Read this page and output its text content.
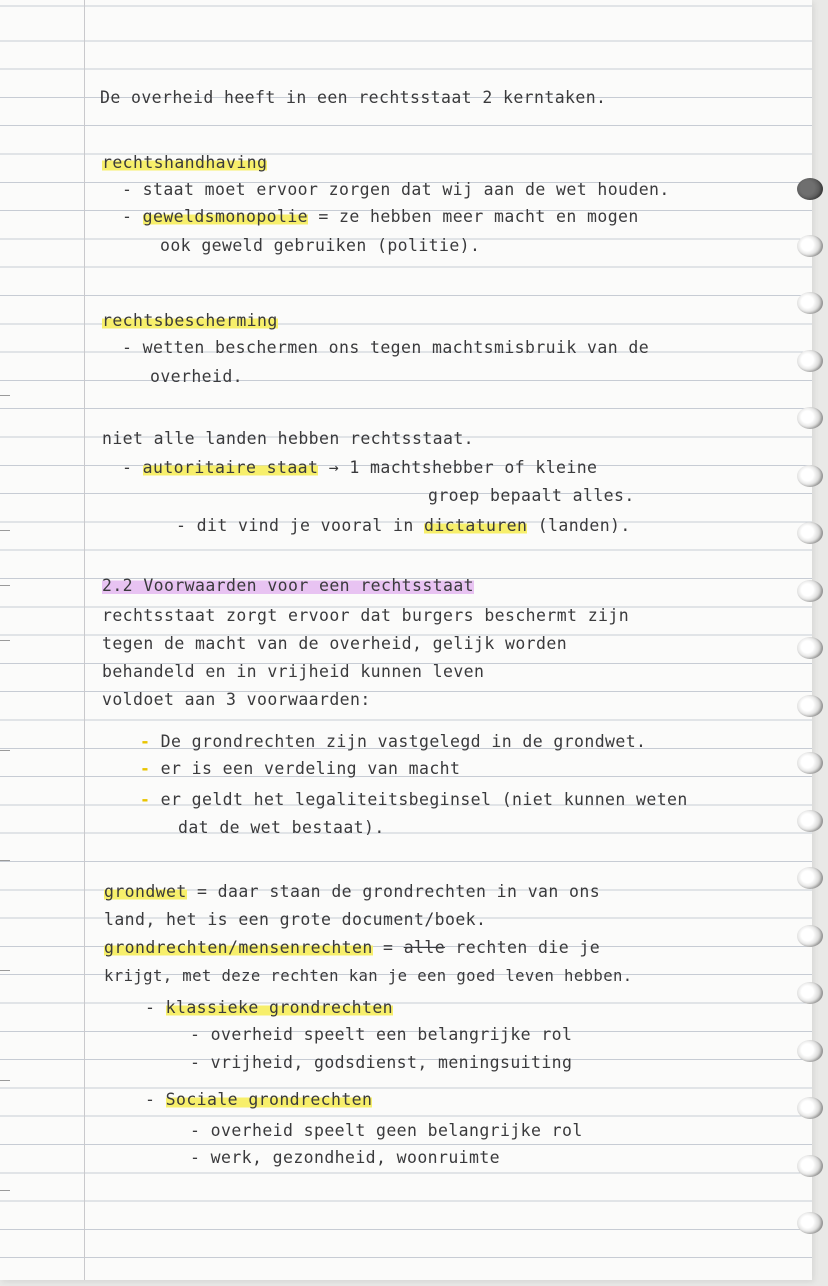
De overheid heeft in een rechtsstaat 2 kerntaken.
rechtshandhaving
- staat moet ervoor zorgen dat wij aan de wet houden.
- geweldsmonopolie = ze hebben meer macht en mogen
ook geweld gebruiken (politie).
rechtsbescherming
- wetten beschermen ons tegen machtsmisbruik van de
overheid.
niet alle landen hebben rechtsstaat.
- autoritaire staat → 1 machtshebber of kleine
groep bepaalt alles.
- dit vind je vooral in dictaturen (landen).
2.2 Voorwaarden voor een rechtsstaat
rechtsstaat zorgt ervoor dat burgers beschermt zijn
tegen de macht van de overheid, gelijk worden
behandeld en in vrijheid kunnen leven
voldoet aan 3 voorwaarden:
- De grondrechten zijn vastgelegd in de grondwet.
- er is een verdeling van macht
- er geldt het legaliteitsbeginsel (niet kunnen weten
dat de wet bestaat).
grondwet = daar staan de grondrechten in van ons
land, het is een grote document/boek.
grondrechten/mensenrechten = alle rechten die je
krijgt, met deze rechten kan je een goed leven hebben.
- klassieke grondrechten
- overheid speelt een belangrijke rol
- vrijheid, godsdienst, meningsuiting
- Sociale grondrechten
- overheid speelt geen belangrijke rol
- werk, gezondheid, woonruimte
